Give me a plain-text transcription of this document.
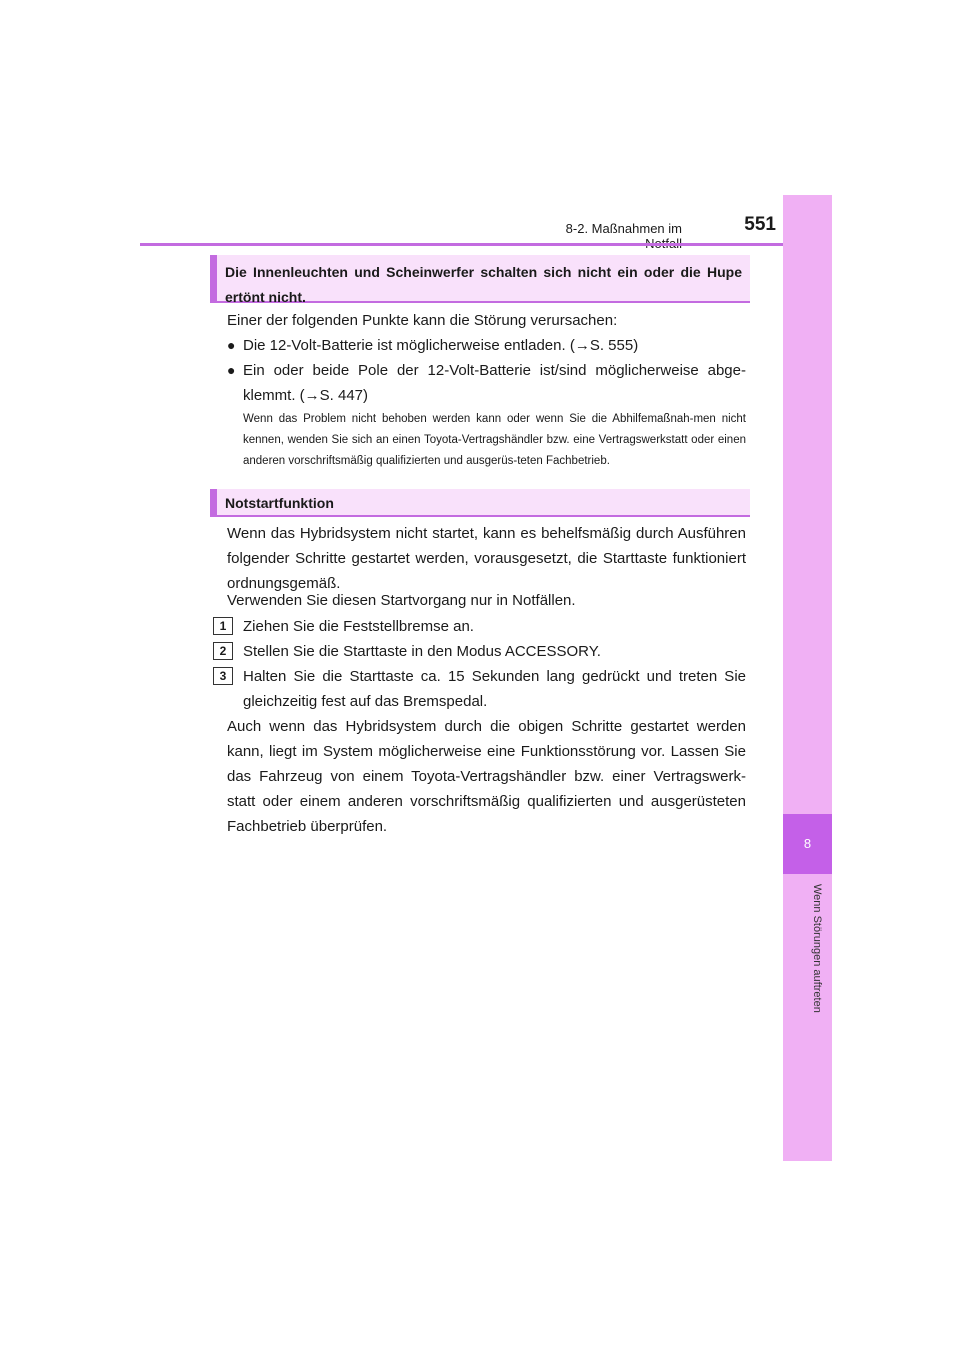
8-2. Maßnahmen im	551
8
Wenn Störungen auftreten
Die Innenleuchten und Scheinwerfer schalten sich nicht ein oder die Hupe ertönt nicht.

Einer der folgenden Punkte kann die Störung verursachen:

● Die 12-Volt-Batterie ist möglicherweise entladen. (→S. 555)
● Ein oder beide Pole der 12-Volt-Batterie ist/sind möglicherweise abge-klemmt. (→S. 447)

Wenn das Problem nicht behoben werden kann oder wenn Sie die Abhilfemaßnah-men nicht kennen, wenden Sie sich an einen Toyota-Vertragshändler bzw. eine Vertragswerkstatt oder einen anderen vorschriftsmäßig qualifizierten und ausgerüs-teten Fachbetrieb.

Notstartfunktion

Wenn das Hybridsystem nicht startet, kann es behelfsmäßig durch Ausführen folgender Schritte gestartet werden, vorausgesetzt, die Starttaste funktioniert ordnungsgemäß.

Verwenden Sie diesen Startvorgang nur in Notfällen.

1	Ziehen Sie die Feststellbremse an.
2	Stellen Sie die Starttaste in den Modus ACCESSORY.
3	Halten Sie die Starttaste ca. 15 Sekunden lang gedrückt und treten Sie gleichzeitig fest auf das Bremspedal.

Auch wenn das Hybridsystem durch die obigen Schritte gestartet werden kann, liegt im System möglicherweise eine Funktionsstörung vor. Lassen Sie das Fahrzeug von einem Toyota-Vertragshändler bzw. einer Vertragswerk-statt oder einem anderen vorschriftsmäßig qualifizierten und ausgerüsteten Fachbetrieb überprüfen.
